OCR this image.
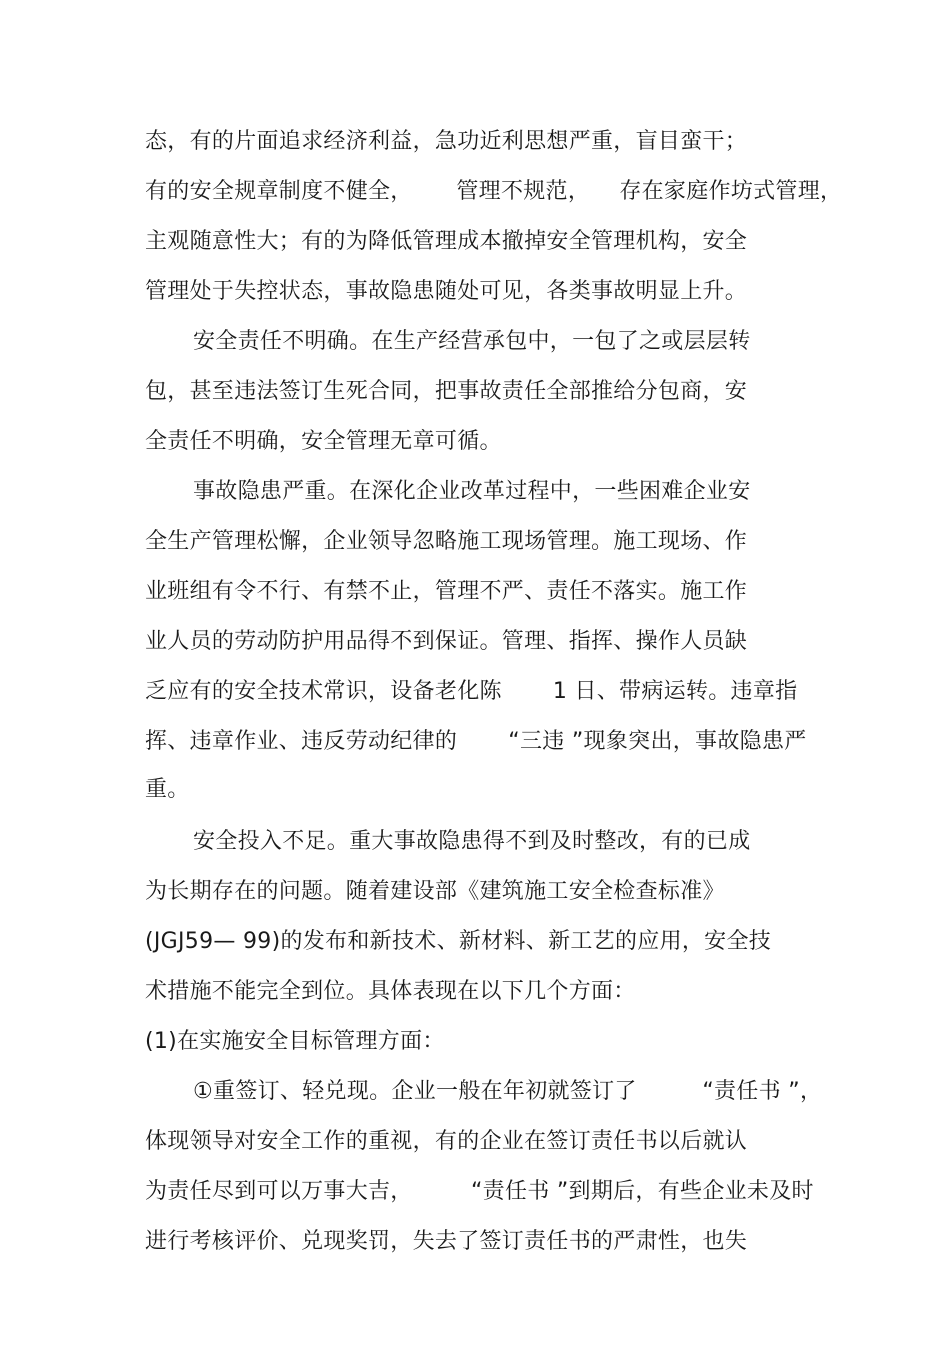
态，有的片面追求经济利益，急功近利思想严重，盲目蛮干；
有的安全规章制度不健全，      管理不规范，    存在家庭作坊式管理，
主观随意性大；有的为降低管理成本撤掉安全管理机构，安全
管理处于失控状态，事故隐患随处可见，各类事故明显上升。
安全责任不明确。在生产经营承包中，一包了之或层层转
包，甚至违法签订生死合同，把事故责任全部推给分包商，安
全责任不明确，安全管理无章可循。
事故隐患严重。在深化企业改革过程中，一些困难企业安
全生产管理松懈，企业领导忽略施工现场管理。施工现场、作
业班组有令不行、有禁不止，管理不严、责任不落实。施工作
业人员的劳动防护用品得不到保证。管理、指挥、操作人员缺
乏应有的安全技术常识，设备老化陈       1 日、带病运转。违章指
挥、违章作业、违反劳动纪律的       “三违 ”现象突出，事故隐患严
重。
安全投入不足。重大事故隐患得不到及时整改，有的已成
为长期存在的问题。随着建设部《建筑施工安全检查标准》
(JGJ59— 99)的发布和新技术、新材料、新工艺的应用，安全技
术措施不能完全到位。具体表现在以下几个方面：
(1)在实施安全目标管理方面：
①重签订、轻兑现。企业一般在年初就签订了         “责任书 ”，
体现领导对安全工作的重视，有的企业在签订责任书以后就认
为责任尽到可以万事大吉，        “责任书 ”到期后，有些企业未及时
进行考核评价、兑现奖罚，失去了签订责任书的严肃性，也失
